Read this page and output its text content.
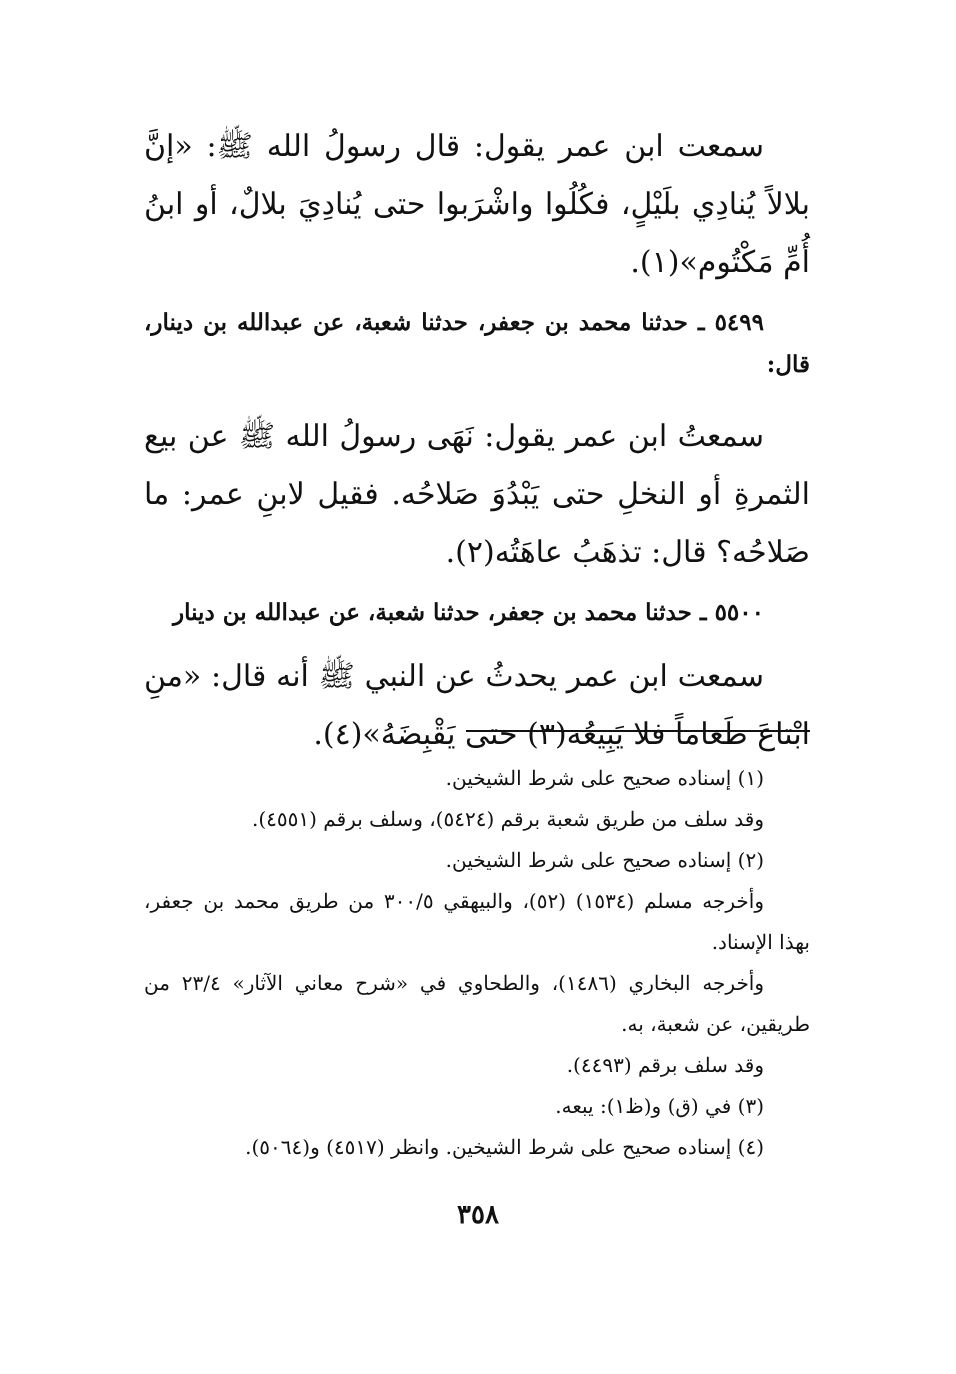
سمعت ابن عمر يقول: قال رسولُ الله ﷺ: «إنَّ بلالاً يُنادِي بلَيْلٍ، فكُلُوا واشْرَبوا حتى يُنادِيَ بلالٌ، أو ابنُ أُمِّ مَكْتُوم»(١).

٥٤٩٩ ـ حدثنا محمد بن جعفر، حدثنا شعبة، عن عبدالله بن دينار، قال:

سمعتُ ابن عمر يقول: نَهَى رسولُ الله ﷺ عن بيع الثمرةِ أو النخلِ حتى يَبْدُوَ صَلاحُه. فقيل لابنِ عمر: ما صَلاحُه؟ قال: تذهَبُ عاهَتُه(٢).

٥٥٠٠ ـ حدثنا محمد بن جعفر، حدثنا شعبة، عن عبدالله بن دينار

سمعت ابن عمر يحدثُ عن النبي ﷺ أنه قال: «منِ ابْتاعَ طَعاماً فلا يَبِيعُه(٣) حتى يَقْبِضَهُ»(٤).

(١) إسناده صحيح على شرط الشيخين.

وقد سلف من طريق شعبة برقم (٥٤٢٤)، وسلف برقم (٤٥٥١).

(٢) إسناده صحيح على شرط الشيخين.

وأخرجه مسلم (١٥٣٤) (٥٢)، والبيهقي ٣٠٠/٥ من طريق محمد بن جعفر، بهذا الإسناد.

وأخرجه البخاري (١٤٨٦)، والطحاوي في «شرح معاني الآثار» ٢٣/٤ من طريقين، عن شعبة، به.

وقد سلف برقم (٤٤٩٣).

(٣) في (ق) و(ظ١): يبعه.

(٤) إسناده صحيح على شرط الشيخين. وانظر (٤٥١٧) و(٥٠٦٤).

٣٥٨
